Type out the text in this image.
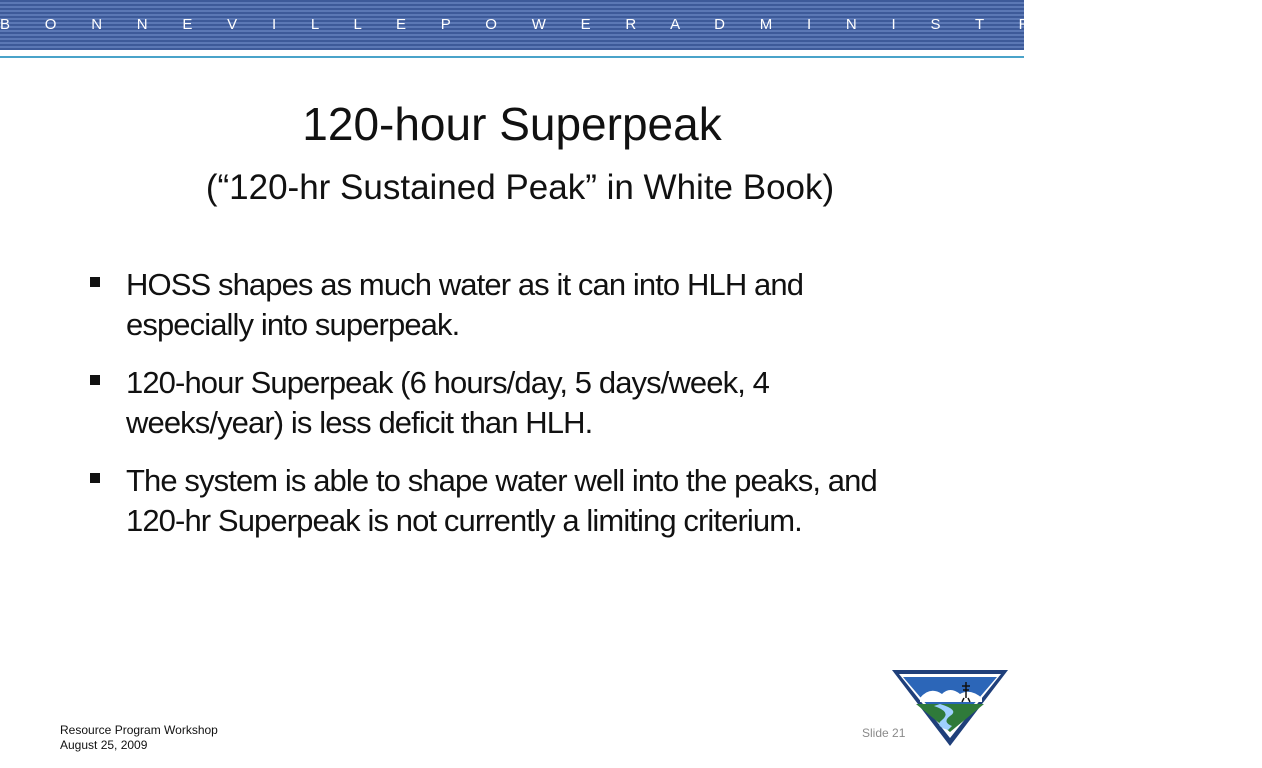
B O N N E V I L L E P O W E R A D M I N I S T R A T I O N
120-hour Superpeak
(“120-hr Sustained Peak” in White Book)
HOSS shapes as much water as it can into HLH and especially into superpeak.
120-hour Superpeak (6 hours/day, 5 days/week, 4 weeks/year) is less deficit than HLH.
The system is able to shape water well into the peaks, and 120-hr Superpeak is not currently a limiting criterium.
Resource Program Workshop
August 25, 2009
Slide 21
